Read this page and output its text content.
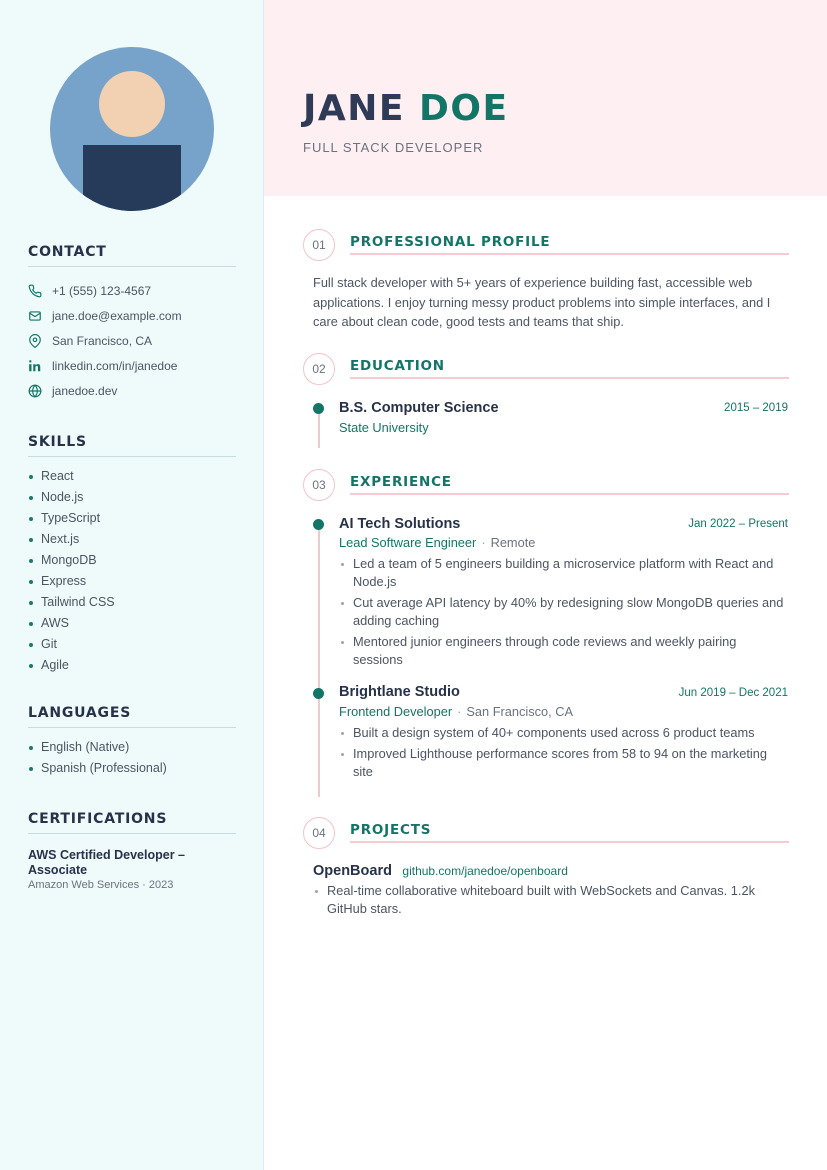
CONTACT
+1 (555) 123-4567
jane.doe@example.com
San Francisco, CA
linkedin.com/in/janedoe
janedoe.dev
SKILLS
React
Node.js
TypeScript
Next.js
MongoDB
Express
Tailwind CSS
AWS
Git
Agile
LANGUAGES
English (Native)
Spanish (Professional)
CERTIFICATIONS
AWS Certified Developer – Associate
Amazon Web Services · 2023
JANE DOE
FULL STACK DEVELOPER
01	PROFESSIONAL PROFILE
Full stack developer with 5+ years of experience building fast, accessible web applications. I enjoy turning messy product problems into simple interfaces, and I care about clean code, good tests and teams that ship.
02	EDUCATION
B.S. Computer Science	2015 – 2019
State University
03	EXPERIENCE
AI Tech Solutions	Jan 2022 – Present
Lead Software Engineer · Remote
Led a team of 5 engineers building a microservice platform with React and Node.js
Cut average API latency by 40% by redesigning slow MongoDB queries and adding caching
Mentored junior engineers through code reviews and weekly pairing sessions
Brightlane Studio	Jun 2019 – Dec 2021
Frontend Developer · San Francisco, CA
Built a design system of 40+ components used across 6 product teams
Improved Lighthouse performance scores from 58 to 94 on the marketing site
04	PROJECTS
OpenBoard github.com/janedoe/openboard
Real-time collaborative whiteboard built with WebSockets and Canvas. 1.2k GitHub stars.
